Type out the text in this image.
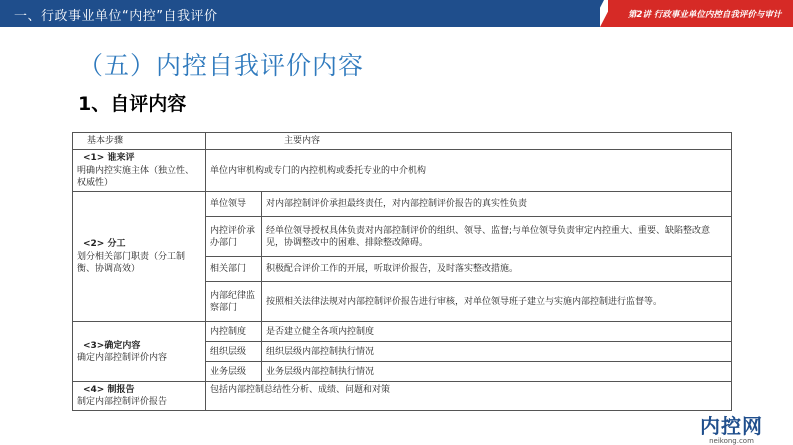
一、行政事业单位“内控”自我评价	第2讲 行政事业单位内控自我评价与审计
（五）内控自我评价内容
1、自评内容
基本步骤	主要内容	

<1> 谁来评
明确内控实施主体（独立性、权威性）	单位内审机构或专门的内控机构或委托专业的中介机构	

<2> 分工
划分相关部门职责（分工制衡、协调高效）	单位领导	对内部控制评价承担最终责任，对内部控制评价报告的真实性负责
	内控评价承办部门	经单位领导授权具体负责对内部控制评价的组织、领导、监督;与单位领导负责审定内控重大、重要、缺陷整改意见，协调整改中的困难、排除整改障碍。
	相关部门	积极配合评价工作的开展，听取评价报告，及时落实整改措施。
	内部纪律监察部门	按照相关法律法规对内部控制评价报告进行审核，对单位领导班子建立与实施内部控制进行监督等。

<3>确定内容
确定内部控制评价内容	内控制度	是否建立健全各项内控制度
	组织层级	组织层级内部控制执行情况
	业务层级	业务层级内部控制执行情况

<4> 制报告
制定内部控制评价报告	包括内部控制总结性分析、成绩、问题和对策	
内控网
neikong.com
